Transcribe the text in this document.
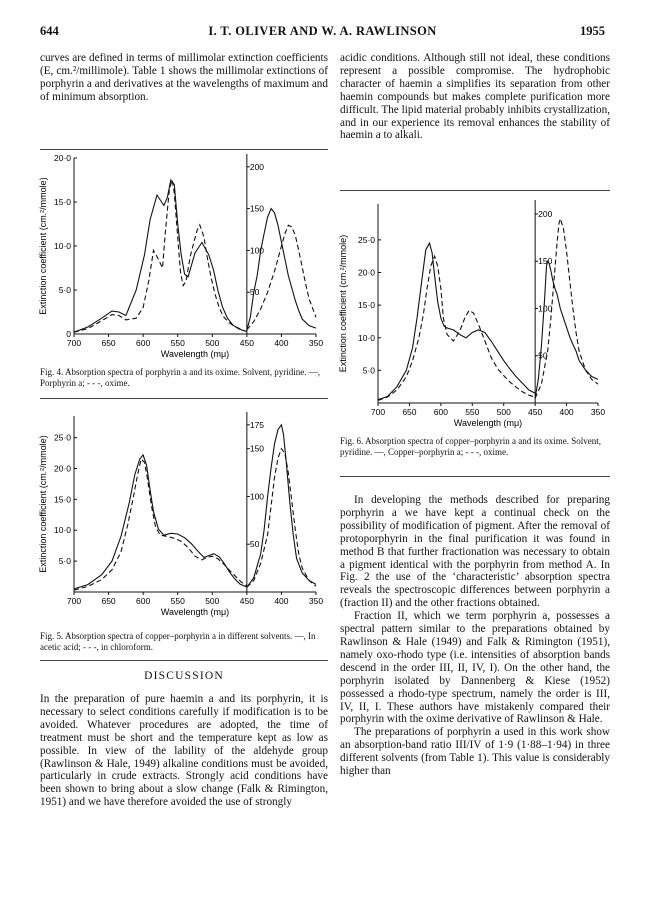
644	I. T. OLIVER AND W. A. RAWLINSON	1955

curves are defined in terms of millimolar extinction coefficients (E, cm.²/millimole). Table 1 shows the millimolar extinctions of porphyrin a and derivatives at the wavelengths of maximum and of minimum absorption.

acidic conditions. Although still not ideal, these conditions represent a possible compromise. The hydrophobic character of haemin a simplifies its separation from other haemin compounds but makes complete purification more difficult. The lipid material probably inhibits crystallization, and in our experience its removal enhances the stability of haemin a to alkali.

700 650 600 550 500 450 400 350
0
5·0
10·0
15·0
20·0
50
100
150
200
Wavelength (mμ)
Extinction coefficient (cm.²/mmole)

Fig. 4. Absorption spectra of porphyrin a and its oxime. Solvent, pyridine. —, Porphyrin a; - - -, oxime.

700 650 600 550 500 450 400 350
5·0
10·0
15·0
20·0
25·0
50
100
150
175
Wavelength (mμ)
Extinction coefficient (cm.²/mmole)

Fig. 5. Absorption spectra of copper–porphyrin a in different solvents. —, In acetic acid; - - -, in chloroform.

DISCUSSION

In the preparation of pure haemin a and its porphyrin, it is necessary to select conditions carefully if modification is to be avoided. Whatever procedures are adopted, the time of treatment must be short and the temperature kept as low as possible. In view of the lability of the aldehyde group (Rawlinson & Hale, 1949) alkaline conditions must be avoided, particularly in crude extracts. Strongly acid conditions have been shown to bring about a slow change (Falk & Rimington, 1951) and we have therefore avoided the use of strongly

700 650 600 550 500 450 400 350
5·0
10·0
15·0
20·0
25·0
50
100
150
200
Wavelength (mμ)
Extinction coefficient (cm.²/mmole)

Fig. 6. Absorption spectra of copper–porphyrin a and its oxime. Solvent, pyridine. —, Copper–porphyrin a; - - -, oxime.

In developing the methods described for preparing porphyrin a we have kept a continual check on the possibility of modification of pigment. After the removal of protoporphyrin in the final purification it was found in method B that further fractionation was necessary to obtain a pigment identical with the porphyrin from method A. In Fig. 2 the use of the ‘characteristic’ absorption spectra reveals the spectroscopic differences between porphyrin a (fraction II) and the other fractions obtained.

Fraction II, which we term porphyrin a, possesses a spectral pattern similar to the preparations obtained by Rawlinson & Hale (1949) and Falk & Rimington (1951), namely oxo-rhodo type (i.e. intensities of absorption bands descend in the order III, II, IV, I). On the other hand, the porphyrin isolated by Dannenberg & Kiese (1952) possessed a rhodo-type spectrum, namely the order is III, IV, II, I. These authors have mistakenly compared their porphyrin with the oxime derivative of Rawlinson & Hale.

The preparations of porphyrin a used in this work show an absorption-band ratio III/IV of 1·9 (1·88–1·94) in three different solvents (from Table 1). This value is considerably higher than
